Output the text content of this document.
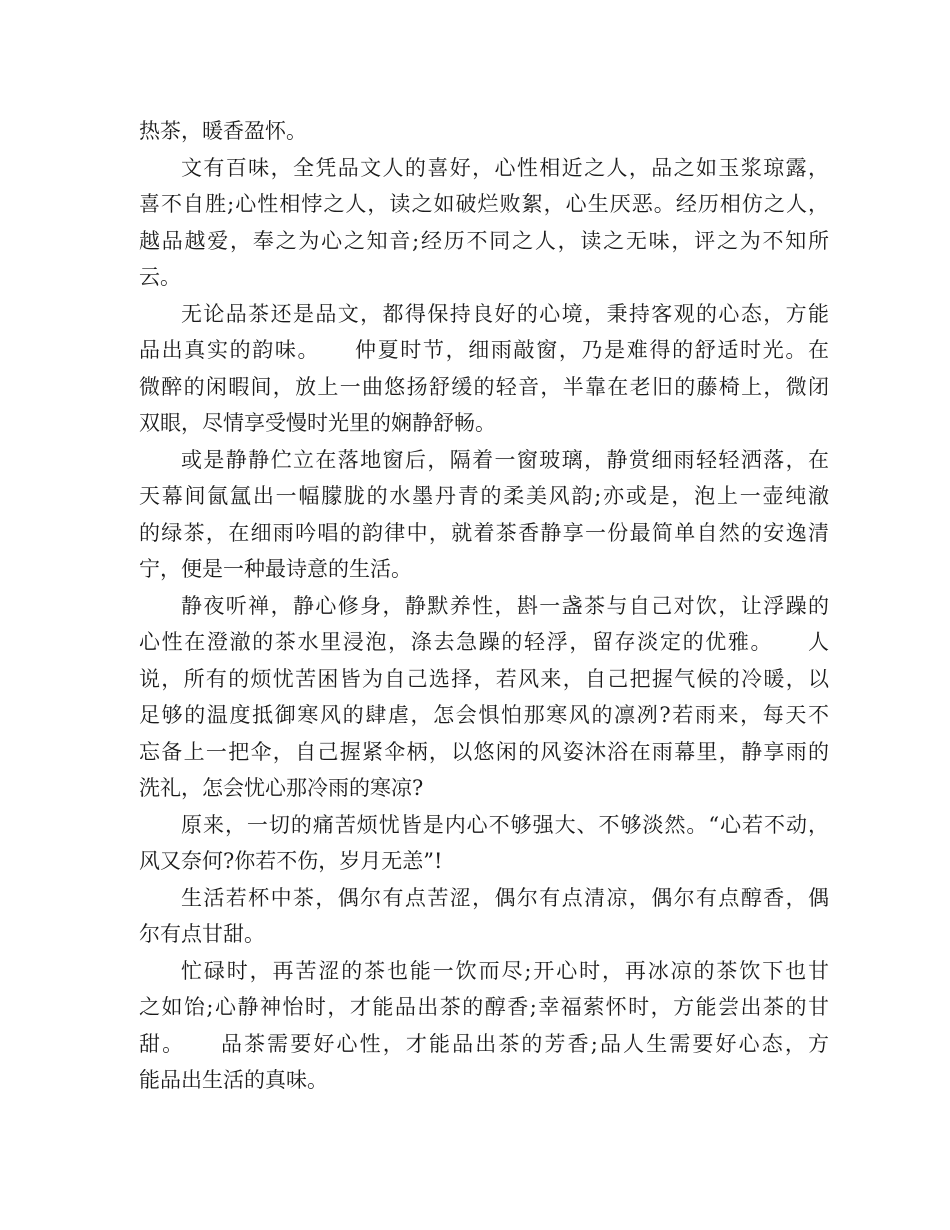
热茶，暖香盈怀。
文有百味，全凭品文人的喜好，心性相近之人，品之如玉浆琼露，
喜不自胜;心性相悖之人，读之如破烂败絮，心生厌恶。经历相仿之人，
越品越爱，奉之为心之知音;经历不同之人，读之无味，评之为不知所
云。
无论品茶还是品文，都得保持良好的心境，秉持客观的心态，方能
品出真实的韵味。　　仲夏时节，细雨敲窗，乃是难得的舒适时光。在
微醉的闲暇间，放上一曲悠扬舒缓的轻音，半靠在老旧的藤椅上，微闭
双眼，尽情享受慢时光里的娴静舒畅。
或是静静伫立在落地窗后，隔着一窗玻璃，静赏细雨轻轻洒落，在
天幕间氤氲出一幅朦胧的水墨丹青的柔美风韵;亦或是，泡上一壶纯澈
的绿茶，在细雨吟唱的韵律中，就着茶香静享一份最简单自然的安逸清
宁，便是一种最诗意的生活。
静夜听禅，静心修身，静默养性，斟一盏茶与自己对饮，让浮躁的
心性在澄澈的茶水里浸泡，涤去急躁的轻浮，留存淡定的优雅。　　人
说，所有的烦忧苦困皆为自己选择，若风来，自己把握气候的冷暖，以
足够的温度抵御寒风的肆虐，怎会惧怕那寒风的凛冽?若雨来，每天不
忘备上一把伞，自己握紧伞柄，以悠闲的风姿沐浴在雨幕里，静享雨的
洗礼，怎会忧心那冷雨的寒凉?
原来，一切的痛苦烦忧皆是内心不够强大、不够淡然。“心若不动，
风又奈何?你若不伤，岁月无恙”!
生活若杯中茶，偶尔有点苦涩，偶尔有点清凉，偶尔有点醇香，偶
尔有点甘甜。
忙碌时，再苦涩的茶也能一饮而尽;开心时，再冰凉的茶饮下也甘
之如饴;心静神怡时，才能品出茶的醇香;幸福萦怀时，方能尝出茶的甘
甜。　　品茶需要好心性，才能品出茶的芳香;品人生需要好心态，方
能品出生活的真味。
